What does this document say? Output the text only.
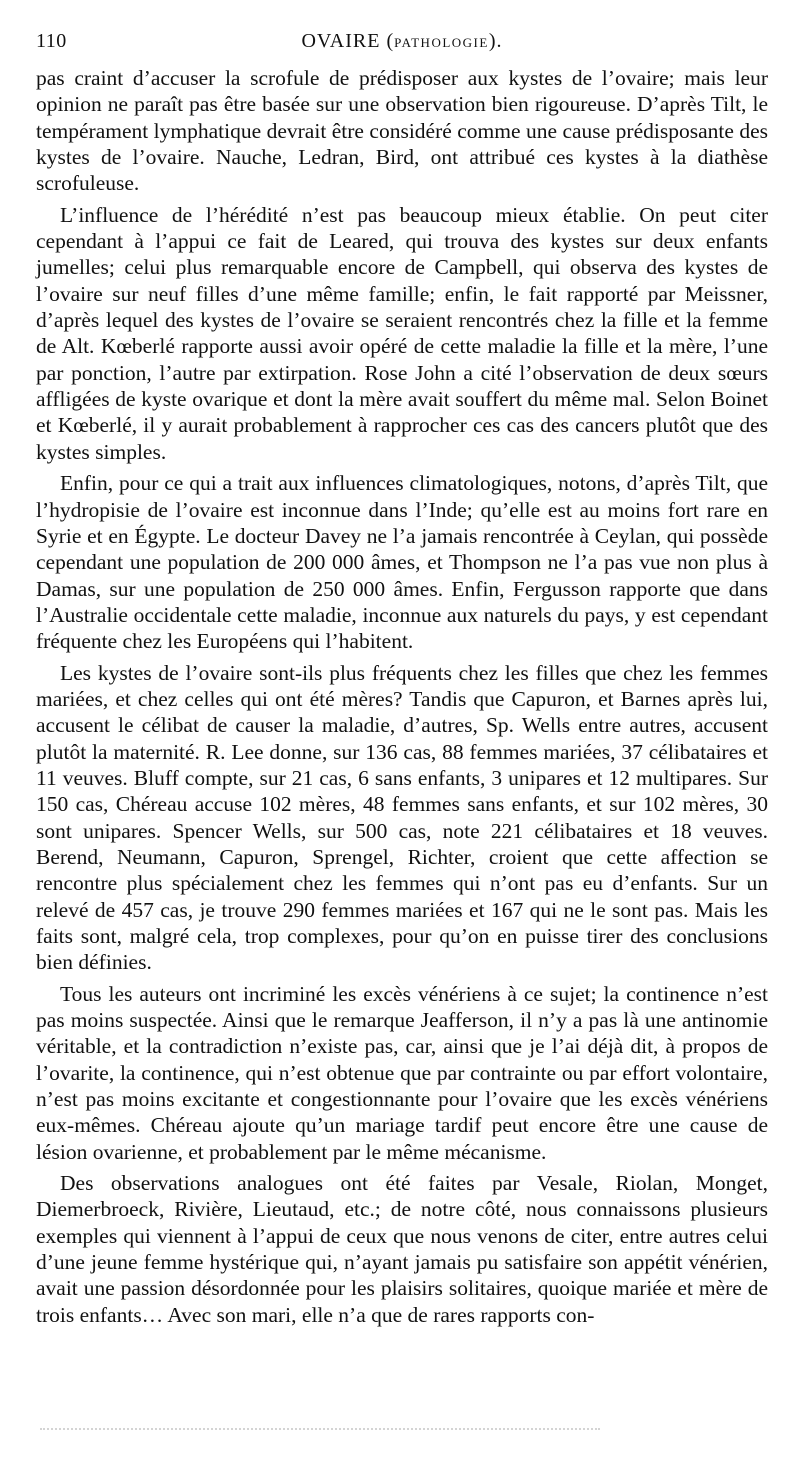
110	OVAIRE (PATHOLOGIE).

pas craint d’accuser la scrofule de prédisposer aux kystes de l’ovaire; mais leur opinion ne paraît pas être basée sur une observation bien rigoureuse. D’après Tilt, le tempérament lymphatique devrait être considéré comme une cause prédisposante des kystes de l’ovaire. Nauche, Ledran, Bird, ont attribué ces kystes à la diathèse scrofuleuse.

L’influence de l’hérédité n’est pas beaucoup mieux établie. On peut citer cependant à l’appui ce fait de Leared, qui trouva des kystes sur deux enfants jumelles; celui plus remarquable encore de Campbell, qui observa des kystes de l’ovaire sur neuf filles d’une même famille; enfin, le fait rapporté par Meissner, d’après lequel des kystes de l’ovaire se seraient rencontrés chez la fille et la femme de Alt. Kœberlé rapporte aussi avoir opéré de cette maladie la fille et la mère, l’une par ponction, l’autre par extirpation. Rose John a cité l’observation de deux sœurs affligées de kyste ovarique et dont la mère avait souffert du même mal. Selon Boinet et Kœberlé, il y aurait probablement à rapprocher ces cas des cancers plutôt que des kystes simples.

Enfin, pour ce qui a trait aux influences climatologiques, notons, d’après Tilt, que l’hydropisie de l’ovaire est inconnue dans l’Inde; qu’elle est au moins fort rare en Syrie et en Égypte. Le docteur Davey ne l’a jamais rencontrée à Ceylan, qui possède cependant une population de 200 000 âmes, et Thompson ne l’a pas vue non plus à Damas, sur une population de 250 000 âmes. Enfin, Fergusson rapporte que dans l’Australie occidentale cette maladie, inconnue aux naturels du pays, y est cependant fréquente chez les Européens qui l’habitent.

Les kystes de l’ovaire sont-ils plus fréquents chez les filles que chez les femmes mariées, et chez celles qui ont été mères? Tandis que Capuron, et Barnes après lui, accusent le célibat de causer la maladie, d’autres, Sp. Wells entre autres, accusent plutôt la maternité. R. Lee donne, sur 136 cas, 88 femmes mariées, 37 célibataires et 11 veuves. Bluff compte, sur 21 cas, 6 sans enfants, 3 unipares et 12 multipares. Sur 150 cas, Chéreau accuse 102 mères, 48 femmes sans enfants, et sur 102 mères, 30 sont unipares. Spencer Wells, sur 500 cas, note 221 célibataires et 18 veuves. Berend, Neumann, Capuron, Sprengel, Richter, croient que cette affection se rencontre plus spécialement chez les femmes qui n’ont pas eu d’enfants. Sur un relevé de 457 cas, je trouve 290 femmes mariées et 167 qui ne le sont pas. Mais les faits sont, malgré cela, trop complexes, pour qu’on en puisse tirer des conclusions bien définies.

Tous les auteurs ont incriminé les excès vénériens à ce sujet; la continence n’est pas moins suspectée. Ainsi que le remarque Jeafferson, il n’y a pas là une antinomie véritable, et la contradiction n’existe pas, car, ainsi que je l’ai déjà dit, à propos de l’ovarite, la continence, qui n’est obtenue que par contrainte ou par effort volontaire, n’est pas moins excitante et congestionnante pour l’ovaire que les excès vénériens eux-mêmes. Chéreau ajoute qu’un mariage tardif peut encore être une cause de lésion ovarienne, et probablement par le même mécanisme.

Des observations analogues ont été faites par Vesale, Riolan, Monget, Diemerbroeck, Rivière, Lieutaud, etc.; de notre côté, nous connaissons plusieurs exemples qui viennent à l’appui de ceux que nous venons de citer, entre autres celui d’une jeune femme hystérique qui, n’ayant jamais pu satisfaire son appétit vénérien, avait une passion désordonnée pour les plaisirs solitaires, quoique mariée et mère de trois enfants… Avec son mari, elle n’a que de rares rapports con-
